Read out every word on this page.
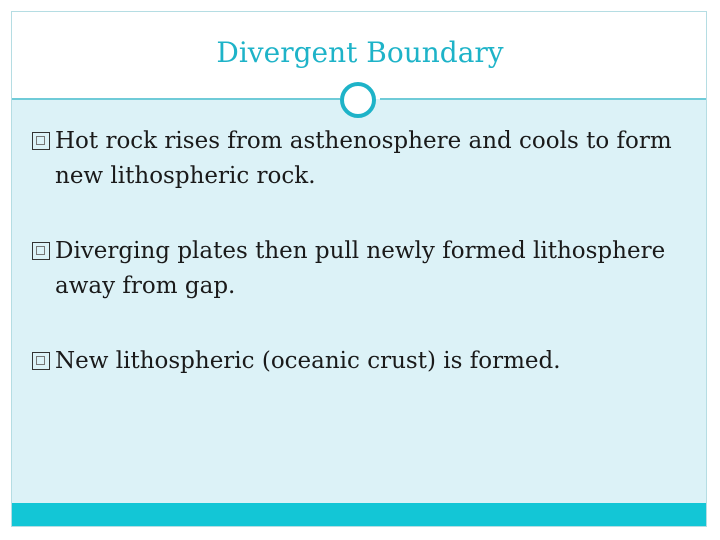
Divergent Boundary
Hot rock rises from asthenosphere and cools to form new lithospheric rock.
Diverging plates then pull newly formed lithosphere away from gap.
New lithospheric (oceanic crust) is formed.
